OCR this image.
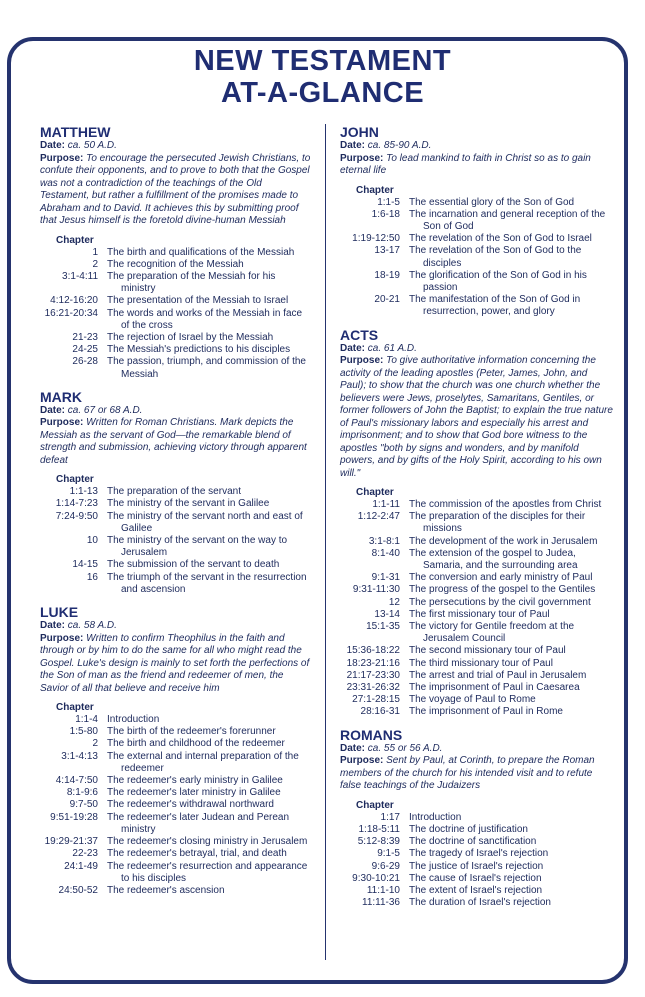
NEW TESTAMENT
AT-A-GLANCE
MATTHEW
Date: ca. 50 A.D.
Purpose: To encourage the persecuted Jewish Christians, to confute their opponents, and to prove to both that the Gospel was not a contradiction of the teachings of the Old Testament, but rather a fulfillment of the promises made to Abraham and to David. It achieves this by submitting proof that Jesus himself is the foretold divine-human Messiah
Chapter
1 The birth and qualifications of the Messiah
2 The recognition of the Messiah
3:1-4:11 The preparation of the Messiah for his ministry
4:12-16:20 The presentation of the Messiah to Israel
16:21-20:34 The words and works of the Messiah in face of the cross
21-23 The rejection of Israel by the Messiah
24-25 The Messiah's predictions to his disciples
26-28 The passion, triumph, and commission of the Messiah
MARK
Date: ca. 67 or 68 A.D.
Purpose: Written for Roman Christians. Mark depicts the Messiah as the servant of God—the remarkable blend of strength and submission, achieving victory through apparent defeat
Chapter
1:1-13 The preparation of the servant
1:14-7:23 The ministry of the servant in Galilee
7:24-9:50 The ministry of the servant north and east of Galilee
10 The ministry of the servant on the way to Jerusalem
14-15 The submission of the servant to death
16 The triumph of the servant in the resurrection and ascension
LUKE
Date: ca. 58 A.D.
Purpose: Written to confirm Theophilus in the faith and through or by him to do the same for all who might read the Gospel. Luke's design is mainly to set forth the perfections of the Son of man as the friend and redeemer of men, the Savior of all that believe and receive him
Chapter
1:1-4 Introduction
1:5-80 The birth of the redeemer's forerunner
2 The birth and childhood of the redeemer
3:1-4:13 The external and internal preparation of the redeemer
4:14-7:50 The redeemer's early ministry in Galilee
8:1-9:6 The redeemer's later ministry in Galilee
9:7-50 The redeemer's withdrawal northward
9:51-19:28 The redeemer's later Judean and Perean ministry
19:29-21:37 The redeemer's closing ministry in Jerusalem
22-23 The redeemer's betrayal, trial, and death
24:1-49 The redeemer's resurrection and appearance to his disciples
24:50-52 The redeemer's ascension
JOHN
Date: ca. 85-90 A.D.
Purpose: To lead mankind to faith in Christ so as to gain eternal life
Chapter
1:1-5 The essential glory of the Son of God
1:6-18 The incarnation and general reception of the Son of God
1:19-12:50 The revelation of the Son of God to Israel
13-17 The revelation of the Son of God to the disciples
18-19 The glorification of the Son of God in his passion
20-21 The manifestation of the Son of God in resurrection, power, and glory
ACTS
Date: ca. 61 A.D.
Purpose: To give authoritative information concerning the activity of the leading apostles (Peter, James, John, and Paul); to show that the church was one church whether the believers were Jews, proselytes, Samaritans, Gentiles, or former followers of John the Baptist; to explain the true nature of Paul's missionary labors and especially his arrest and imprisonment; and to show that God bore witness to the apostles "both by signs and wonders, and by manifold powers, and by gifts of the Holy Spirit, according to his own will."
Chapter
1:1-11 The commission of the apostles from Christ
1:12-2:47 The preparation of the disciples for their missions
3:1-8:1 The development of the work in Jerusalem
8:1-40 The extension of the gospel to Judea, Samaria, and the surrounding area
9:1-31 The conversion and early ministry of Paul
9:31-11:30 The progress of the gospel to the Gentiles
12 The persecutions by the civil government
13-14 The first missionary tour of Paul
15:1-35 The victory for Gentile freedom at the Jerusalem Council
15:36-18:22 The second missionary tour of Paul
18:23-21:16 The third missionary tour of Paul
21:17-23:30 The arrest and trial of Paul in Jerusalem
23:31-26:32 The imprisonment of Paul in Caesarea
27:1-28:15 The voyage of Paul to Rome
28:16-31 The imprisonment of Paul in Rome
ROMANS
Date: ca. 55 or 56 A.D.
Purpose: Sent by Paul, at Corinth, to prepare the Roman members of the church for his intended visit and to refute false teachings of the Judaizers
Chapter
1:17 Introduction
1:18-5:11 The doctrine of justification
5:12-8:39 The doctrine of sanctification
9:1-5 The tragedy of Israel's rejection
9:6-29 The justice of Israel's rejection
9:30-10:21 The cause of Israel's rejection
11:1-10 The extent of Israel's rejection
11:11-36 The duration of Israel's rejection
